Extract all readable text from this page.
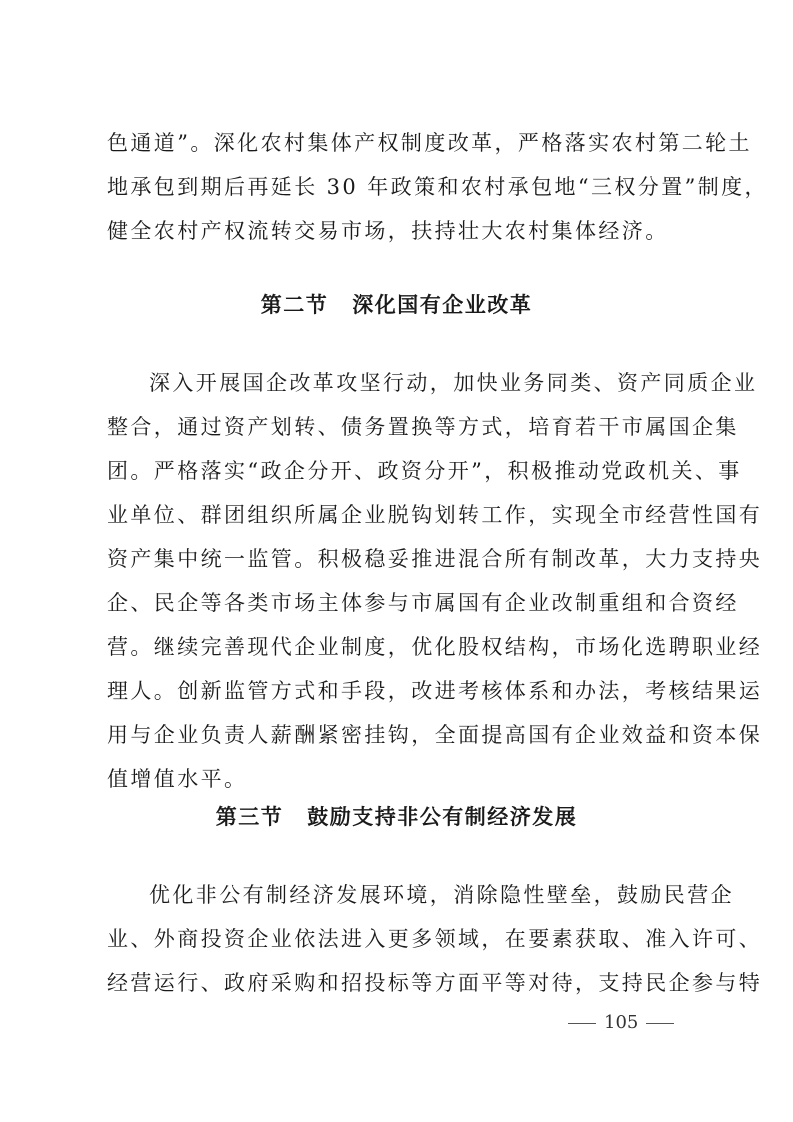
色通道”。深化农村集体产权制度改革，严格落实农村第二轮土
地承包到期后再延长 30 年政策和农村承包地“三权分置”制度，
健全农村产权流转交易市场，扶持壮大农村集体经济。
第二节 深化国有企业改革
深入开展国企改革攻坚行动，加快业务同类、资产同质企业
整合，通过资产划转、债务置换等方式，培育若干市属国企集
团。严格落实“政企分开、政资分开”，积极推动党政机关、事
业单位、群团组织所属企业脱钩划转工作，实现全市经营性国有
资产集中统一监管。积极稳妥推进混合所有制改革，大力支持央
企、民企等各类市场主体参与市属国有企业改制重组和合资经
营。继续完善现代企业制度，优化股权结构，市场化选聘职业经
理人。创新监管方式和手段，改进考核体系和办法，考核结果运
用与企业负责人薪酬紧密挂钩，全面提高国有企业效益和资本保
值增值水平。
第三节 鼓励支持非公有制经济发展
优化非公有制经济发展环境，消除隐性壁垒，鼓励民营企
业、外商投资企业依法进入更多领域，在要素获取、准入许可、
经营运行、政府采购和招投标等方面平等对待，支持民企参与特
105
